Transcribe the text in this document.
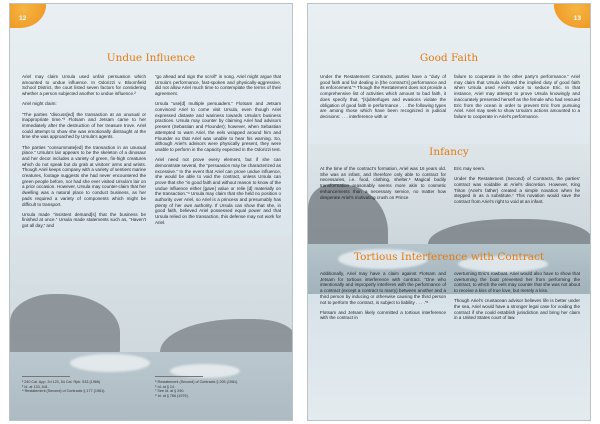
12
Undue Influence

Ariel may claim Ursula used unfair persuasion which amounted to undue influence. In Odorizzi v. Bloomfield School District, the court listed seven factors for considering whether a person subjected another to undue influence.²

Ariel might claim:

“The parties “discuss[ed] the transaction at an unusual or inappropriate time.”³ Flotsam and Jetsam came to her immediately after the destruction of her treasure trove. Ariel could attempt to show she was emotionally distraught at the time she was approached by Ursula’s agents.

The parties “consummate[ed] the transaction in an unusual place.” Ursula’s lair appears to be the skeleton of a dinosaur and her decor includes a variety of green, fin-high creatures which do not speak but do grab at visitors’ arms and wrists. Though Ariel keeps company with a variety of sentient marine creatures, footage suggests she had never encountered the green people before, nor had she ever visited Ursula’s lair on a prior occasion. However, Ursula may counter-claim that her dwelling was a natural place to conduct business, as her pads required a variety of components which might be difficult to transport.

Ursula made “insistent demand[s] that the business be finished at once.” Ursula made statements such as, “Haven’t got all day,” and

“go ahead and sign the scroll” in song. Ariel might argue that Ursula’s performance, fast-spoken and physically-aggressive, did not allow Ariel much time to contemplate the terms of their agreement.

Ursula “use[d] multiple persuaders.” Flotsam and Jetsam convinced Ariel to come visit Ursula, even though Ariel expressed distaste and wariness towards Ursula’s business practices. Ursula may counter by claiming Ariel had advisors present (Sebastian and Flounder); however, when Sebastian attempted to warn Ariel, the eels wrapped around him and Flounder so that Ariel was unable to hear his warning. So, although Ariel’s advisors were physically present, they were unable to perform in the capacity expected in the Odorizzi test.

Ariel need not prove every element, but if she can demonstrate several, the “persuasion may be characterized as excessive.” In the event that Ariel can prove undue influence, she would be able to void the contract, unless Ursula can prove that she “in good faith and without reason to know of the undue influence either [gave] value or relie [d] materially on the transaction.”⁴ Ursula may claim that she held no position o authority over Ariel, so Ariel is a princess and presumably has plenty of her own authority. If Ursula can show that she, in good faith, believed Ariel possessed equal power and that Ursula relied on the transaction, this defense may not work for Ariel.

² 240 Cal. App. 2d 123, 54 Cal. Rptr. 533 (1966)
³ Id. at 133, 541.
⁴ Restatement (Second) of Contracts § 177 (1981).
⁵ Restatement (Second) of Contracts § 205 (1981).
⁶ Id. at § 14.
⁷ See Id. at § 290.
⁸ Id. at § 766 (1979).
13
Good Faith

Under the Restatement Contracts, parties have a “duty of good faith and fair dealing in [the contract’s] performance and its enforcement.”⁵ Though the Restatement does not provide a comprehensive list of activities which amount to bad faith, it does specify that, “[s]ubterfuges and evasions violate the obligation of good faith in performance . . . the following types are among those which have been recognized in judicial decisions: . . . interference with or

failure to cooperate in the other party’s performance.” Ariel may claim that Ursula violated the implied duty of good faith when Ursula used Ariel’s voice to seduce Eric. In that instance, Ariel may attempt to prove Ursula knowingly and inaccurately presented herself as the female who had rescued Eric from the ocean in order to prevent Eric from pursuing Ariel. Ariel may seek to show Ursula’s actions amounted to a failure to cooperate in Ariel’s performance.

Infancy

At the time of the contract’s formation, Ariel was 16 years old. She was an infant, and therefore only able to contract for necessaries, i.e. food, clothing, shelter.⁶ Magical bodily transformation reasonably seems more akin to cosmetic enhancements than a necessary service, no matter how desperate Ariel’s motivating crush on Prince

Eric may seem.

Under the Restatement (Second) of Contracts, the parties’ contract was voidable at Ariel’s discretion. However, King Triton (Ariel’s father) created a simple novation when he stepped in as a substitute.⁷ This novation would save the contract from Ariel’s right to void at an infant.

Tortious Interference with Contract

Additionally, Ariel may have a claim against Flotsam and Jetsam for tortious interference with contract. “One who intentionally and improperly interferes with the performance of a contract (except a contract to marry) between another and a third person by inducing or otherwise causing the third person not to perform the contract, is subject to liability . . . .”⁸

Flotsam and Jetsam likely committed a tortious interference with the contract in

overturning Eric’s rowboat. Ariel would also have to show that overturning the boat prevented her from performing the contract, to which the eels may counter that she was not about to receive a kiss of true love, but merely a kiss.

Though Ariel’s crustacean advisor believes life is better under the sea, Ariel would have a stronger legal case for voiding the contract if she could establish jurisdiction and bring her claim in a United States court of law.
